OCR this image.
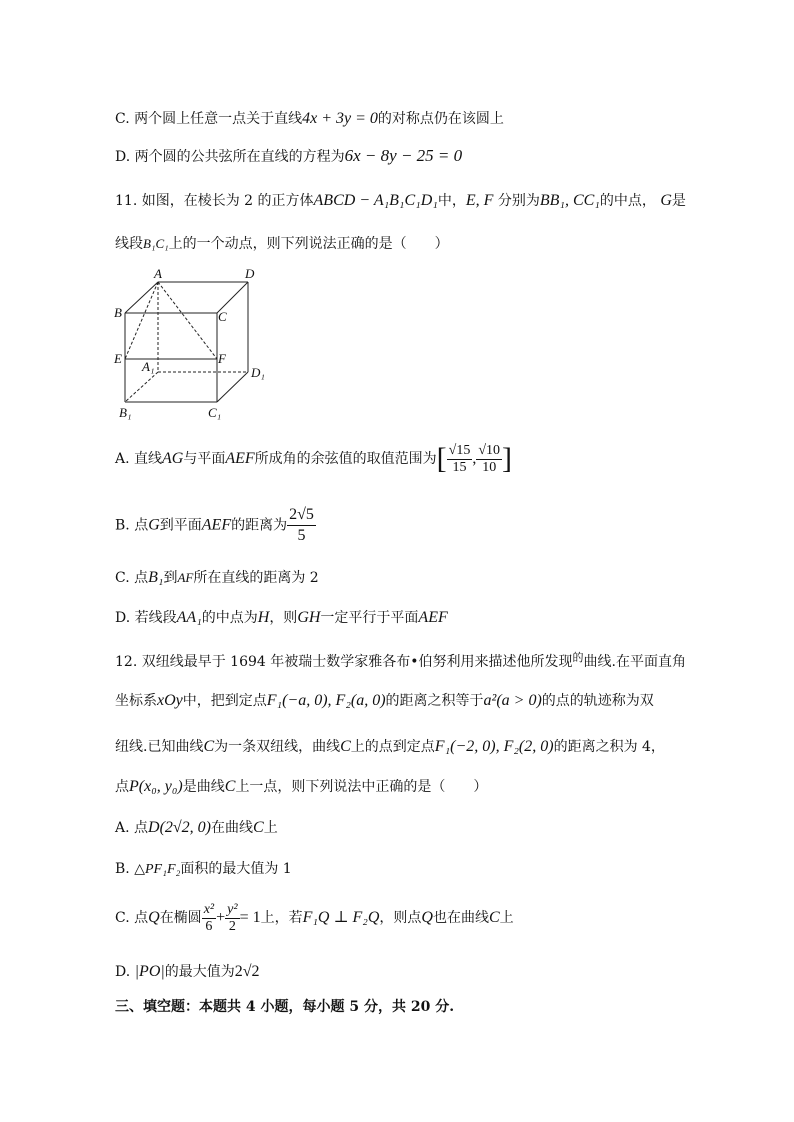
C. 两个圆上任意一点关于直线4x + 3y = 0的对称点仍在该圆上
D. 两个圆的公共弦所在直线的方程为6x − 8y − 25 = 0
11. 如图，在棱长为 2 的正方体ABCD − A₁B₁C₁D₁中，E, F 分别为BB₁, CC₁的中点， G是
线段B₁C₁上的一个动点，则下列说法正确的是（　　）
A	D
B	C
E	F
A₁	D₁
B₁	C₁
A. 直线AG与平面AEF所成角的余弦值的取值范围为[ $\frac{√15}{15}$ , $\frac{√10}{10}$ ]
B. 点G到平面AEF的距离为 $\frac{2√5}{5}$
C. 点B₁到AF所在直线的距离为 2
D. 若线段AA₁的中点为H，则GH一定平行于平面AEF
12. 双纽线最早于 1694 年被瑞士数学家雅各布•伯努利用来描述他所发现$^的$曲线.在平面直角
坐标系xOy中，把到定点F₁(−a, 0), F₂(a, 0)的距离之积等于a²(a > 0)的点的轨迹称为双
纽线.已知曲线C为一条双纽线，曲线C上的点到定点F₁(−2, 0), F₂(2, 0)的距离之积为 4，
点P(x₀, y₀)是曲线C上一点，则下列说法中正确的是（　　）
A. 点D(2√2, 0)在曲线C上
B. △PF₁F₂面积的最大值为 1
C. 点Q在椭圆 $\frac{\text{x²}}{6} + \frac{\text{y²}}{2} = 1$上，若F₁Q ⊥ F₂Q，则点Q也在曲线C上
D. |PO|的最大值为2√2
三、填空题：本题共 4 小题，每小题 5 分，共 20 分.
